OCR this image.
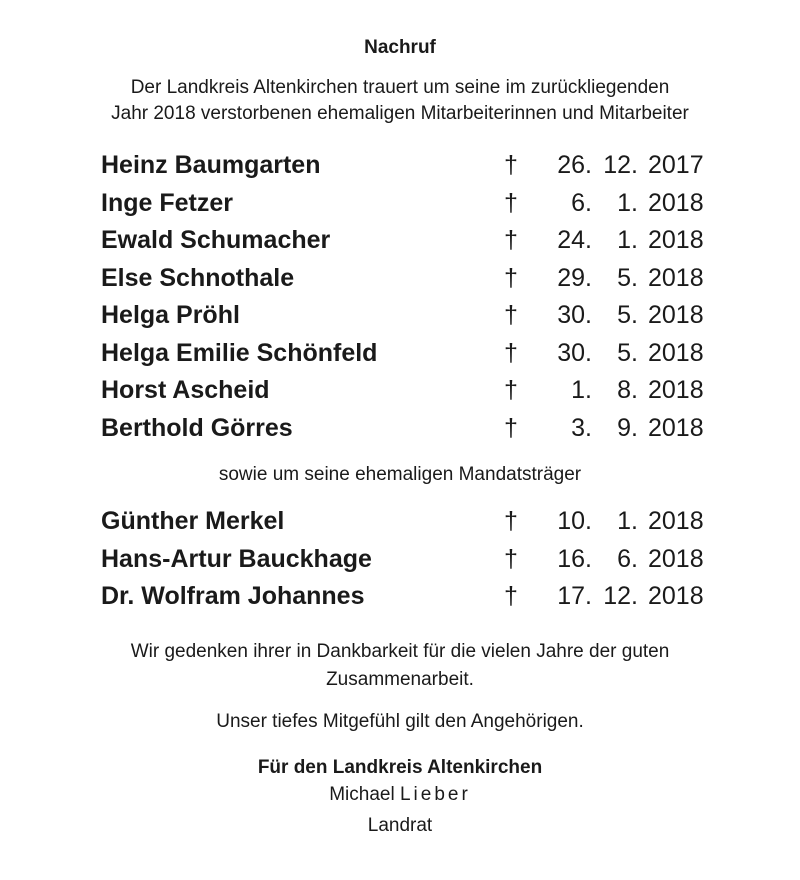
Nachruf
Der Landkreis Altenkirchen trauert um seine im zurückliegenden
Jahr 2018 verstorbenen ehemaligen Mitarbeiterinnen und Mitarbeiter
Heinz Baumgarten	†	26. 12. 2017
Inge Fetzer	†	6.	1. 2018
Ewald Schumacher	†	24.	1. 2018
Else Schnothale	†	29.	5. 2018
Helga Pröhl	†	30.	5. 2018
Helga Emilie Schönfeld	†	30.	5. 2018
Horst Ascheid	†	1.	8. 2018
Berthold Görres	†	3.	9. 2018
sowie um seine ehemaligen Mandatsträger
Günther Merkel	†	10.	1. 2018
Hans-Artur Bauckhage	†	16.	6. 2018
Dr. Wolfram Johannes	†	17. 12. 2018
Wir gedenken ihrer in Dankbarkeit für die vielen Jahre der guten
Zusammenarbeit.
Unser tiefes Mitgefühl gilt den Angehörigen.
Für den Landkreis Altenkirchen
Michael Lieber
Landrat
